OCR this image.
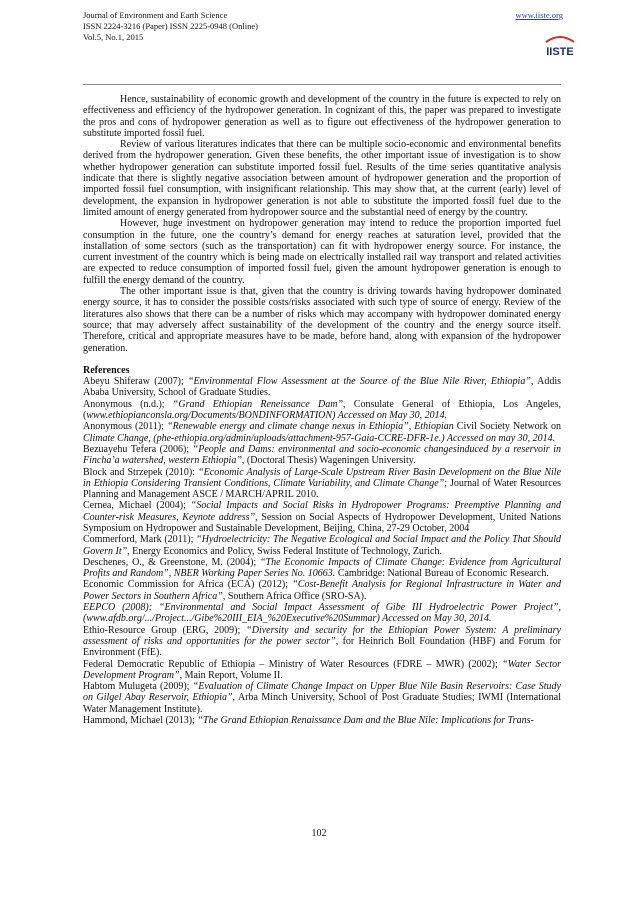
Journal of Environment and Earth Science	www.iiste.org
ISSN 2224-3216 (Paper) ISSN 2225-0948 (Online)
Vol.5, No.1, 2015
IISTE

Hence, sustainability of economic growth and development of the country in the future is expected to rely on effectiveness and efficiency of the hydropower generation. In cognizant of this, the paper was prepared to investigate the pros and cons of hydropower generation as well as to figure out effectiveness of the hydropower generation to substitute imported fossil fuel.

Review of various literatures indicates that there can be multiple socio-economic and environmental benefits derived from the hydropower generation. Given these benefits, the other important issue of investigation is to show whether hydropower generation can substitute imported fossil fuel. Results of the time series quantitative analysis indicate that there is slightly negative association between amount of hydropower generation and the proportion of imported fossil fuel consumption, with insignificant relationship. This may show that, at the current (early) level of development, the expansion in hydropower generation is not able to substitute the imported fossil fuel due to the limited amount of energy generated from hydropower source and the substantial need of energy by the country.

However, huge investment on hydropower generation may intend to reduce the proportion imported fuel consumption in the future, one the country’s demand for energy reaches at saturation level, provided that the installation of some sectors (such as the transportation) can fit with hydropower energy source. For instance, the current investment of the country which is being made on electrically installed rail way transport and related activities are expected to reduce consumption of imported fossil fuel, given the amount hydropower generation is enough to fulfill the energy demand of the country.

The other important issue is that, given that the country is driving towards having hydropower dominated energy source, it has to consider the possible costs/risks associated with such type of source of energy. Review of the literatures also shows that there can be a number of risks which may accompany with hydropower dominated energy source; that may adversely affect sustainability of the development of the country and the energy source itself. Therefore, critical and appropriate measures have to be made, before hand, along with expansion of the hydropower generation.

References

Abeyu Shiferaw (2007); “Environmental Flow Assessment at the Source of the Blue Nile River, Ethiopia”, Addis Ababa University, School of Graduate Studies.

Anonymous (n.d.); “Grand Ethiopian Reneissance Dam”, Consulate General of Ethiopia, Los Angeles, (www.ethiopianconsla.org/Documents/BONDINFORMATION) Accessed on May 30, 2014.

Anonymous (2011); “Renewable energy and climate change nexus in Ethiopia”, Ethiopian Civil Society Network on Climate Change, (phe-ethiopia.org/admin/uploads/attachment-957-Gaia-CCRE-DFR-1e.) Accessed on may 30, 2014.

Bezuayehu Tefera (2006); “People and Dams: environmental and socio-economic changesinduced by a reservoir in Fincha’a watershed, western Ethiopia”, (Doctoral Thesis) Wageningen University.

Block and Strzepek (2010): “Economic Analysis of Large-Scale Upstream River Basin Development on the Blue Nile in Ethiopia Considering Transient Conditions, Climate Variability, and Climate Change”; Journal of Water Resources Planning and Management ASCE / MARCH/APRIL 2010.

Cernea, Michael (2004); “Social Impacts and Social Risks in Hydropower Programs: Preemptive Planning and Counter-risk Measures, Keynote address”, Session on Social Aspects of Hydropower Development, United Nations Symposium on Hydropower and Sustainable Development, Beijing, China, 27-29 October, 2004

Commerford, Mark (2011); “Hydroelectricity: The Negative Ecological and Social Impact and the Policy That Should Govern It”, Energy Economics and Policy, Swiss Federal Institute of Technology, Zurich.

Deschenes, O., & Greenstone, M. (2004); “The Economic Impacts of Climate Change: Evidence from Agricultural Profits and Random”, NBER Working Paper Series No. 10663. Cambridge: National Bureau of Economic Research.

Economic Commission for Africa (ECA) (2012); “Cost-Benefit Analysis for Regional Infrastructure in Water and Power Sectors in Southern Africa”, Southern Africa Office (SRO-SA).

EEPCO (2008); “Environmental and Social Impact Assessment of Gibe III Hydroelectric Power Project”, (www.afdb.org/.../Project.../Gibe%20III_EIA_%20Executive%20Summar) Accessed on May 30, 2014.

Ethio-Resource Group (ERG, 2009); “Diversity and security for the Ethiopian Power System: A preliminary assessment of risks and opportunities for the power sector”, for Heinrich Boll Foundation (HBF) and Forum for Environment (FfE).

Federal Democratic Republic of Ethiopia – Ministry of Water Resources (FDRE – MWR) (2002); “Water Sector Development Program”, Main Report, Volume II.

Habtom Mulugeta (2009); “Evaluation of Climate Change Impact on Upper Blue Nile Basin Reservoirs: Case Study on Gilgel Abay Reservoir, Ethiopia”, Arba Minch University, School of Post Graduate Studies; IWMI (International Water Management Institute).

Hammond, Michael (2013); “The Grand Ethiopian Renaissance Dam and the Blue Nile: Implications for Trans-

102
